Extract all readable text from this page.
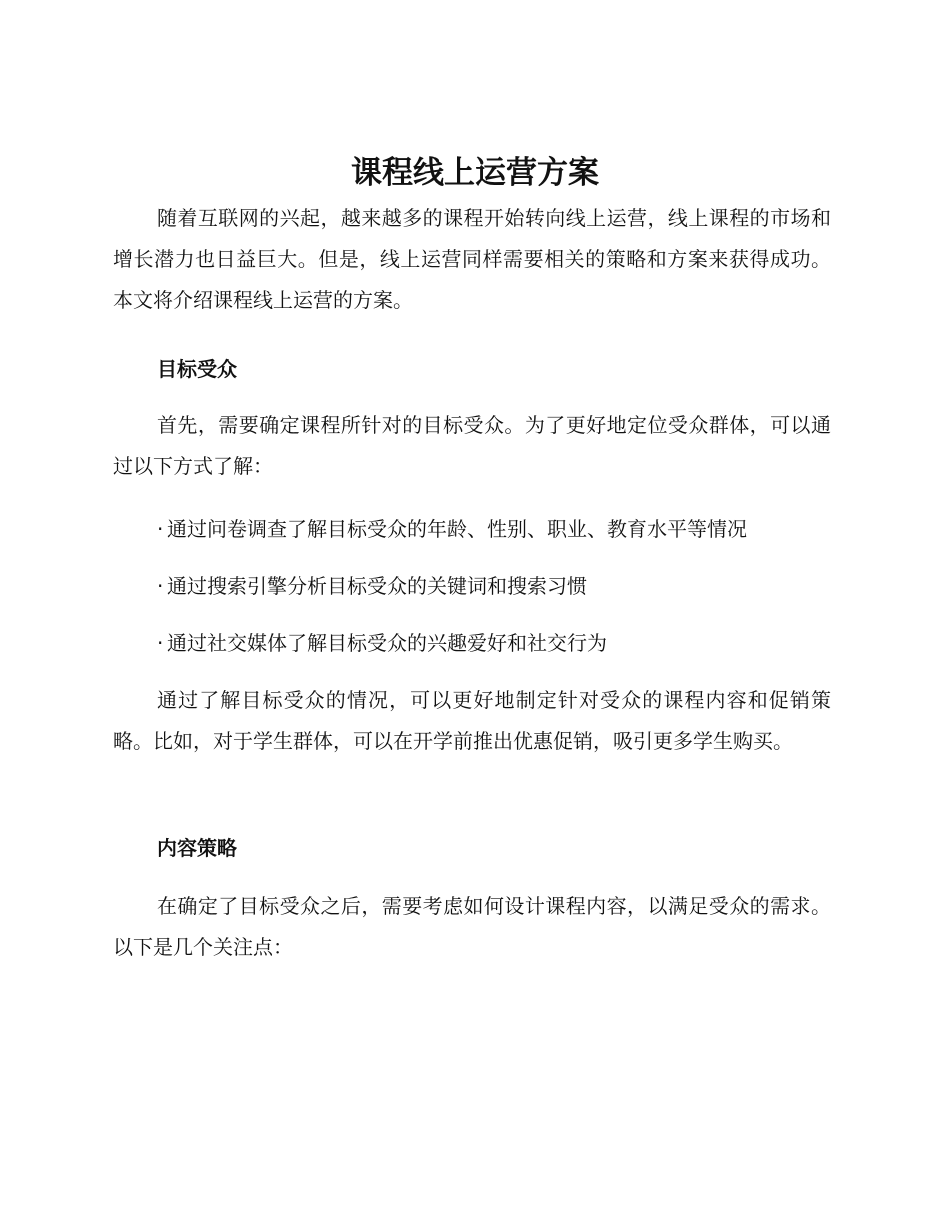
课程线上运营方案

随着互联网的兴起，越来越多的课程开始转向线上运营，线上课程的市场和增长潜力也日益巨大。但是，线上运营同样需要相关的策略和方案来获得成功。本文将介绍课程线上运营的方案。

目标受众

首先，需要确定课程所针对的目标受众。为了更好地定位受众群体，可以通过以下方式了解：

· 通过问卷调查了解目标受众的年龄、性别、职业、教育水平等情况

· 通过搜索引擎分析目标受众的关键词和搜索习惯

· 通过社交媒体了解目标受众的兴趣爱好和社交行为

通过了解目标受众的情况，可以更好地制定针对受众的课程内容和促销策略。比如，对于学生群体，可以在开学前推出优惠促销，吸引更多学生购买。

内容策略

在确定了目标受众之后，需要考虑如何设计课程内容，以满足受众的需求。以下是几个关注点：
